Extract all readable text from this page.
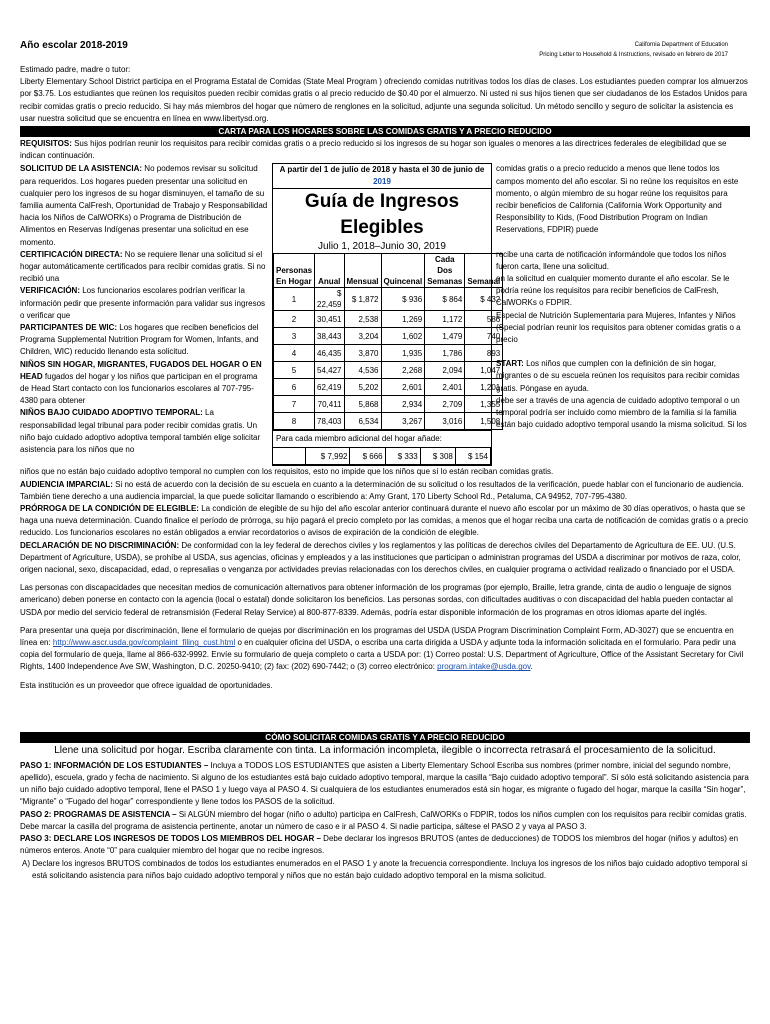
Año escolar 2018-2019	California Department of Education
Pricing Letter to Household & Instructions, revisado en febrero de 2017

Estimado padre, madre o tutor:

Liberty Elementary School District participa en el Programa Estatal de Comidas (State Meal Program ) ofreciendo comidas nutritivas todos los días de clases. Los estudiantes pueden comprar los almuerzos por $3.75. Los estudiantes que reúnen los requisitos pueden recibir comidas gratis o al precio reducido de $0.40 por el almuerzo. Ni usted ni sus hijos tienen que ser ciudadanos de los Estados Unidos para recibir comidas gratis o precio reducido. Si hay más miembros del hogar que número de renglones en la solicitud, adjunte una segunda solicitud. Un método sencillo y seguro de solicitar la asistencia es usar nuestra solicitud que se encuentra en línea en www.libertysd.org.

CARTA PARA LOS HOGARES SOBRE LAS COMIDAS GRATIS Y A PRECIO REDUCIDO

REQUISITOS: Sus hijos podrían reunir los requisitos para recibir comidas gratis o a precio reducido si los ingresos de su hogar son iguales o menores a las directrices federales de elegibilidad que se indican continuación.

SOLICITUD DE LA ASISTENCIA: No podemos revisar su solicitud para requeridos. Los hogares pueden presentar una solicitud en cualquier pero los ingresos de su hogar disminuyen, el tamaño de su familia aumenta CalFresh, Oportunidad de Trabajo y Responsabilidad hacia los Niños de CalWORKs) o Programa de Distribución de Alimentos en Reservas Indígenas presentar una solicitud en ese momento.

CERTIFICACIÓN DIRECTA: No se requiere llenar una solicitud si el hogar automáticamente certificados para recibir comidas gratis. Si no recibió una

VERIFICACIÓN: Los funcionarios escolares podrían verificar la información pedir que presente información para validar sus ingresos o verificar que

PARTICIPANTES DE WIC: Los hogares que reciben beneficios del Programa Supplemental Nutrition Program for Women, Infants, and Children, WIC) reducido llenando esta solicitud.

NIÑOS SIN HOGAR, MIGRANTES, FUGADOS DEL HOGAR O EN HEAD fugados del hogar y los niños que participan en el programa de Head Start contacto con los funcionarios escolares al 707-795-4380 para obtener

NIÑOS BAJO CUIDADO ADOPTIVO TEMPORAL: La responsabilidad legal tribunal para poder recibir comidas gratis. Un niño bajo cuidado adoptivo adoptiva temporal también elige solicitar asistencia para los niños que no

A partir del 1 de julio de 2018 y hasta el 30 de junio de 2019
Guía de Ingresos Elegibles
Julio 1, 2018–Junio 30, 2019
Personas En Hogar	Anual	Mensual	Quincenal	Cada Dos Semanas	Semanal
1	$ 22,459	$ 1,872	$ 936	$ 864	$ 432
2	30,451	2,538	1,269	1,172	586
3	38,443	3,204	1,602	1,479	740
4	46,435	3,870	1,935	1,786	893
5	54,427	4,536	2,268	2,094	1,047
6	62,419	5,202	2,601	2,401	1,201
7	70,411	5,868	2,934	2,709	1,355
8	78,403	6,534	3,267	3,016	1,508
Para cada miembro adicional del hogar añade:
	$ 7,992	$ 666	$ 333	$ 308	$ 154

comidas gratis o a precio reducido a menos que llene todos los campos momento del año escolar. Si no reúne los requisitos en este momento, o algún miembro de su hogar reúne los requisitos para recibir beneficios de California (California Work Opportunity and Responsibility to Kids, (Food Distribution Program on Indian Reservations, FDPIR) puede

recibe una carta de notificación informándole que todos los niños fueron carta, llene una solicitud.

en la solicitud en cualquier momento durante el año escolar. Se le podría reúne los requisitos para recibir beneficios de CalFresh, CalWORKs o FDPIR.

Especial de Nutrición Suplementaria para Mujeres, Infantes y Niños (Special podrían reunir los requisitos para obtener comidas gratis o a precio

START: Los niños que cumplen con la definición de sin hogar, migrantes o de su escuela reúnen los requisitos para recibir comidas gratis. Póngase en ayuda.

debe ser a través de una agencia de cuidado adoptivo temporal o un temporal podría ser incluido como miembro de la familia si la familia están bajo cuidado adoptivo temporal usando la misma solicitud. Si los

niños que no están bajo cuidado adoptivo temporal no cumplen con los requisitos, esto no impide que los niños que sí lo están reciban comidas gratis.

AUDIENCIA IMPARCIAL: Si no está de acuerdo con la decisión de su escuela en cuanto a la determinación de su solicitud o los resultados de la verificación, puede hablar con el funcionario de audiencia. También tiene derecho a una audiencia imparcial, la que puede solicitar llamando o escribiendo a: Amy Grant, 170 Liberty School Rd., Petaluma, CA 94952, 707-795-4380.

PRÓRROGA DE LA CONDICIÓN DE ELEGIBLE: La condición de elegible de su hijo del año escolar anterior continuará durante el nuevo año escolar por un máximo de 30 días operativos, o hasta que se haga una nueva determinación. Cuando finalice el período de prórroga, su hijo pagará el precio completo por las comidas, a menos que el hogar reciba una carta de notificación de comidas gratis o a precio reducido. Los funcionarios escolares no están obligados a enviar recordatorios o avisos de expiración de la condición de elegible.

DECLARACIÓN DE NO DISCRIMINACIÓN: De conformidad con la ley federal de derechos civiles y los reglamentos y las políticas de derechos civiles del Departamento de Agricultura de EE. UU. (U.S. Department of Agriculture, USDA), se prohíbe al USDA, sus agencias, oficinas y empleados y a las instituciones que participan o administran programas del USDA a discriminar por motivos de raza, color, origen nacional, sexo, discapacidad, edad, o represalias o venganza por actividades previas relacionadas con los derechos civiles, en cualquier programa o actividad realizado o financiado por el USDA.

Las personas con discapacidades que necesitan medios de comunicación alternativos para obtener información de los programas (por ejemplo, Braille, letra grande, cinta de audio o lenguaje de signos americano) deben ponerse en contacto con la agencia (local o estatal) donde solicitaron los beneficios. Las personas sordas, con dificultades auditivas o con discapacidad del habla pueden contactar al USDA por medio del servicio federal de retransmisión (Federal Relay Service) al 800-877-8339. Además, podría estar disponible información de los programas en otros idiomas aparte del inglés.

Para presentar una queja por discriminación, llene el formulario de quejas por discriminación en los programas del USDA (USDA Program Discrimination Complaint Form, AD-3027) que se encuentra en línea en: http://www.ascr.usda.gov/complaint_filing_cust.html o en cualquier oficina del USDA, o escriba una carta dirigida a USDA y adjunte toda la información solicitada en el formulario. Para pedir una copia del formulario de queja, llame al 866-632-9992. Envíe su formulario de queja completo o carta a USDA por: (1) Correo postal: U.S. Department of Agriculture, Office of the Assistant Secretary for Civil Rights, 1400 Independence Ave SW, Washington, D.C. 20250-9410; (2) fax: (202) 690-7442; o (3) correo electrónico: program.intake@usda.gov.

Esta institución es un proveedor que ofrece igualdad de oportunidades.

CÓMO SOLICITAR COMIDAS GRATIS Y A PRECIO REDUCIDO
Llene una solicitud por hogar. Escriba claramente con tinta. La información incompleta, ilegible o incorrecta retrasará el procesamiento de la solicitud.

PASO 1: INFORMACIÓN DE LOS ESTUDIANTES – Incluya a TODOS LOS ESTUDIANTES que asisten a Liberty Elementary School Escriba sus nombres (primer nombre, inicial del segundo nombre, apellido), escuela, grado y fecha de nacimiento. Si alguno de los estudiantes está bajo cuidado adoptivo temporal, marque la casilla “Bajo cuidado adoptivo temporal”. Sí sólo está solicitando asistencia para un niño bajo cuidado adoptivo temporal, llene el PASO 1 y luego vaya al PASO 4. Si cualquiera de los estudiantes enumerados está sin hogar, es migrante o fugado del hogar, marque la casilla “Sin hogar”, “Migrante” o “Fugado del hogar” correspondiente y llene todos los PASOS de la solicitud.

PASO 2: PROGRAMAS DE ASISTENCIA – Si ALGÚN miembro del hogar (niño o adulto) participa en CalFresh, CalWORKs o FDPIR, todos los niños cumplen con los requisitos para recibir comidas gratis. Debe marcar la casilla del programa de asistencia pertinente, anotar un número de caso e ir al PASO 4. Si nadie participa, sáltese el PASO 2 y vaya al PASO 3.

PASO 3: DECLARE LOS INGRESOS DE TODOS LOS MIEMBROS DEL HOGAR – Debe declarar los ingresos BRUTOS (antes de deducciones) de TODOS los miembros del hogar (niños y adultos) en números enteros. Anote “0” para cualquier miembro del hogar que no recibe ingresos.

A) Declare los ingresos BRUTOS combinados de todos los estudiantes enumerados en el PASO 1 y anote la frecuencia correspondiente. Incluya los ingresos de los niños bajo cuidado adoptivo temporal si está solicitando asistencia para niños bajo cuidado adoptivo temporal y niños que no están bajo cuidado adoptivo temporal en la misma solicitud.
